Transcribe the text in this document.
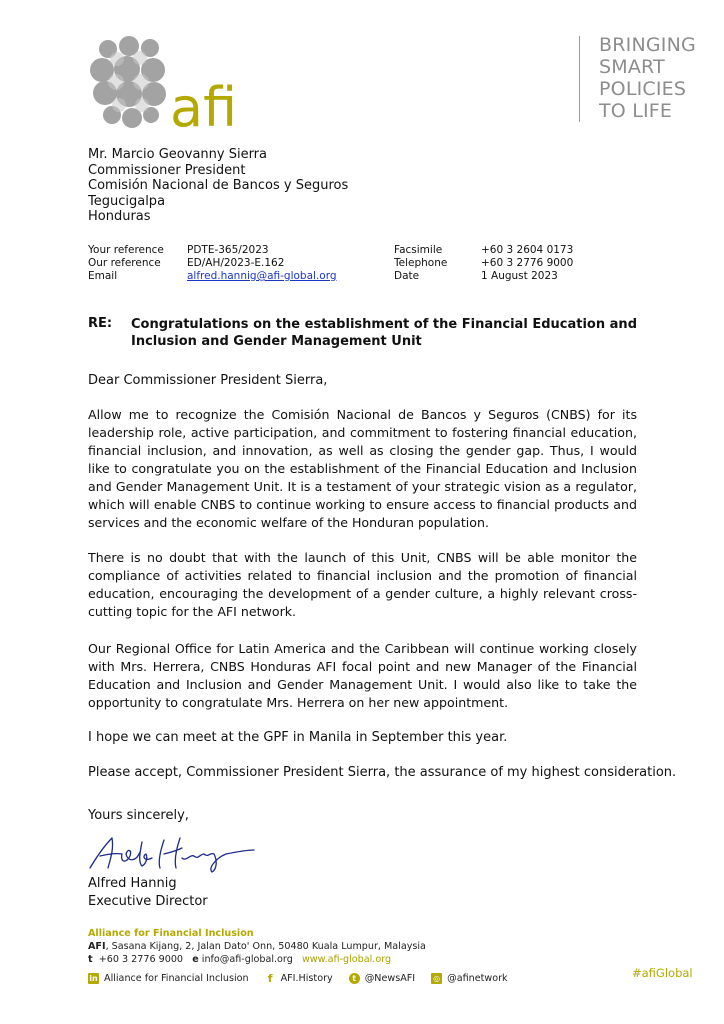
afi
BRINGING
SMART
POLICIES
TO LIFE
Mr. Marcio Geovanny Sierra
Commissioner President
Comisión Nacional de Bancos y Seguros
Tegucigalpa
Honduras
Your reference
Our reference
Email
PDTE-365/2023
ED/AH/2023-E.162
alfred.hannig@afi-global.org
Facsimile
Telephone
Date
+60 3 2604 0173
+60 3 2776 9000
1 August 2023
RE: Congratulations on the establishment of the Financial Education and Inclusion and Gender Management Unit
Dear Commissioner President Sierra,
Allow me to recognize the Comisión Nacional de Bancos y Seguros (CNBS) for its leadership role, active participation, and commitment to fostering financial education, financial inclusion, and innovation, as well as closing the gender gap. Thus, I would like to congratulate you on the establishment of the Financial Education and Inclusion and Gender Management Unit. It is a testament of your strategic vision as a regulator, which will enable CNBS to continue working to ensure access to financial products and services and the economic welfare of the Honduran population.
There is no doubt that with the launch of this Unit, CNBS will be able monitor the compliance of activities related to financial inclusion and the promotion of financial education, encouraging the development of a gender culture, a highly relevant cross-cutting topic for the AFI network.
Our Regional Office for Latin America and the Caribbean will continue working closely with Mrs. Herrera, CNBS Honduras AFI focal point and new Manager of the Financial Education and Inclusion and Gender Management Unit. I would also like to take the opportunity to congratulate Mrs. Herrera on her new appointment.
I hope we can meet at the GPF in Manila in September this year.
Please accept, Commissioner President Sierra, the assurance of my highest consideration.
Yours sincerely,
Alfred Hannig
Executive Director
Alliance for Financial Inclusion
AFI, Sasana Kijang, 2, Jalan Dato' Onn, 50480 Kuala Lumpur, Malaysia
t +60 3 2776 9000 e info@afi-global.org www.afi-global.org
in Alliance for Financial Inclusion f AFI.History	t @NewsAFI ◎ @afinetwork	#afiGlobal
